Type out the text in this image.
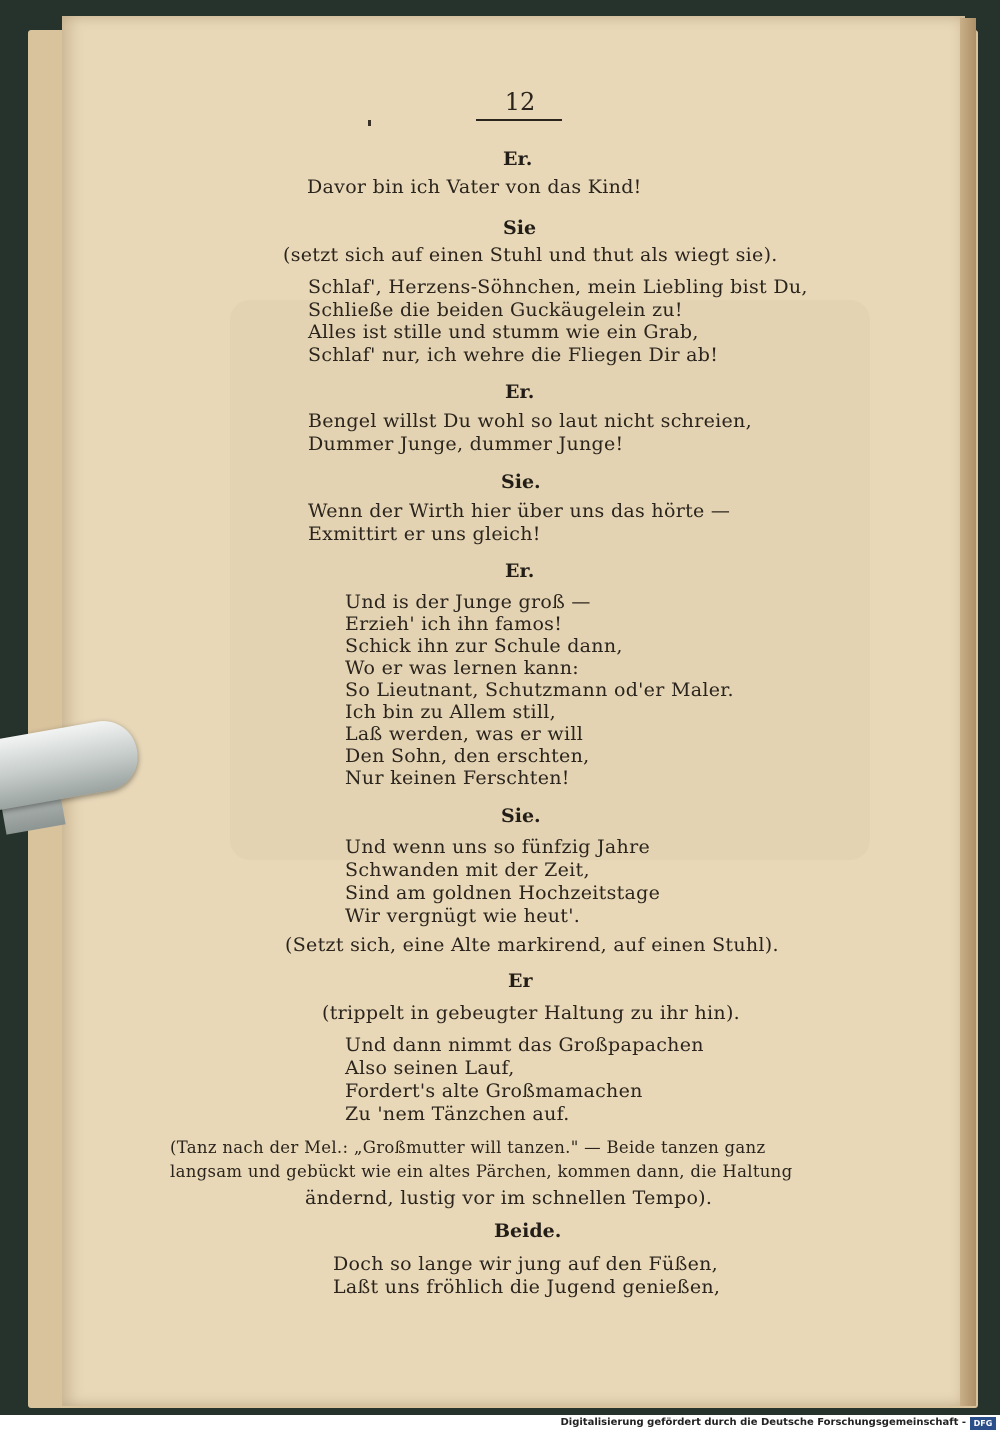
12
Er.
Davor bin ich Vater von das Kind!
Sie
(setzt sich auf einen Stuhl und thut als wiegt sie).
Schlaf', Herzens-Söhnchen, mein Liebling bist Du,
Schließe die beiden Guckäugelein zu!
Alles ist stille und stumm wie ein Grab,
Schlaf' nur, ich wehre die Fliegen Dir ab!
Er.
Bengel willst Du wohl so laut nicht schreien,
Dummer Junge, dummer Junge!
Sie.
Wenn der Wirth hier über uns das hörte —
Exmittirt er uns gleich!
Er.
Und is der Junge groß —
Erzieh' ich ihn famos!
Schick ihn zur Schule dann,
Wo er was lernen kann:
So Lieutnant, Schutzmann od'er Maler.
Ich bin zu Allem still,
Laß werden, was er will
Den Sohn, den erschten,
Nur keinen Ferschten!
Sie.
Und wenn uns so fünfzig Jahre
Schwanden mit der Zeit,
Sind am goldnen Hochzeitstage
Wir vergnügt wie heut'.
(Setzt sich, eine Alte markirend, auf einen Stuhl).
Er
(trippelt in gebeugter Haltung zu ihr hin).
Und dann nimmt das Großpapachen
Also seinen Lauf,
Fordert's alte Großmamachen
Zu 'nem Tänzchen auf.
(Tanz nach der Mel.: „Großmutter will tanzen." — Beide tanzen ganz
langsam und gebückt wie ein altes Pärchen, kommen dann, die Haltung
ändernd, lustig vor im schnellen Tempo).
Beide.
Doch so lange wir jung auf den Füßen,
Laßt uns fröhlich die Jugend genießen,
Digitalisierung gefördert durch die Deutsche Forschungsgemeinschaft - DFG
